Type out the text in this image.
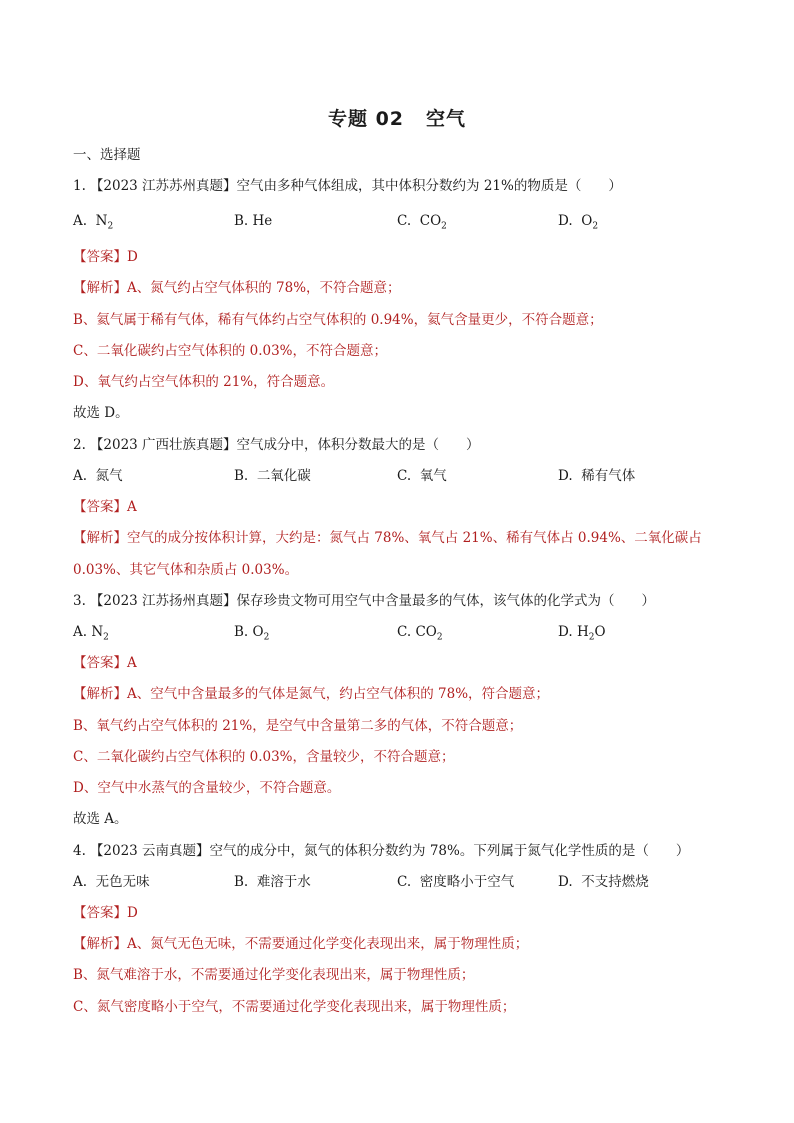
专题 02 空气
一、选择题
1. 【2023 江苏苏州真题】空气由多种气体组成，其中体积分数约为 21%的物质是（　　）
A. $N_2$	B. He	C. $CO_2$	D. $O_2$
【答案】D
【解析】A、氮气约占空气体积的 78%，不符合题意；
B、氦气属于稀有气体，稀有气体约占空气体积的 0.94%，氦气含量更少，不符合题意；
C、二氧化碳约占空气体积的 0.03%，不符合题意；
D、氧气约占空气体积的 21%，符合题意。
故选 D。
2. 【2023 广西壮族真题】空气成分中，体积分数最大的是（　　）
A. 氮气	B. 二氧化碳	C. 氧气	D. 稀有气体
【答案】A
【解析】空气的成分按体积计算，大约是：氮气占 78%、氧气占 21%、稀有气体占 0.94%、二氧化碳占
0.03%、其它气体和杂质占 0.03%。
3. 【2023 江苏扬州真题】保存珍贵文物可用空气中含量最多的气体，该气体的化学式为（　　）
A. $N_2$	B. $O_2$	C. $CO_2$	D. $H_2O$
【答案】A
【解析】A、空气中含量最多的气体是氮气，约占空气体积的 78%，符合题意；
B、氧气约占空气体积的 21%，是空气中含量第二多的气体，不符合题意；
C、二氧化碳约占空气体积的 0.03%，含量较少，不符合题意；
D、空气中水蒸气的含量较少，不符合题意。
故选 A。
4. 【2023 云南真题】空气的成分中，氮气的体积分数约为 78%。下列属于氮气化学性质的是（　　）
A. 无色无味	B. 难溶于水	C. 密度略小于空气	D. 不支持燃烧
【答案】D
【解析】A、氮气无色无味，不需要通过化学变化表现出来，属于物理性质；
B、氮气难溶于水，不需要通过化学变化表现出来，属于物理性质；
C、氮气密度略小于空气，不需要通过化学变化表现出来，属于物理性质；
